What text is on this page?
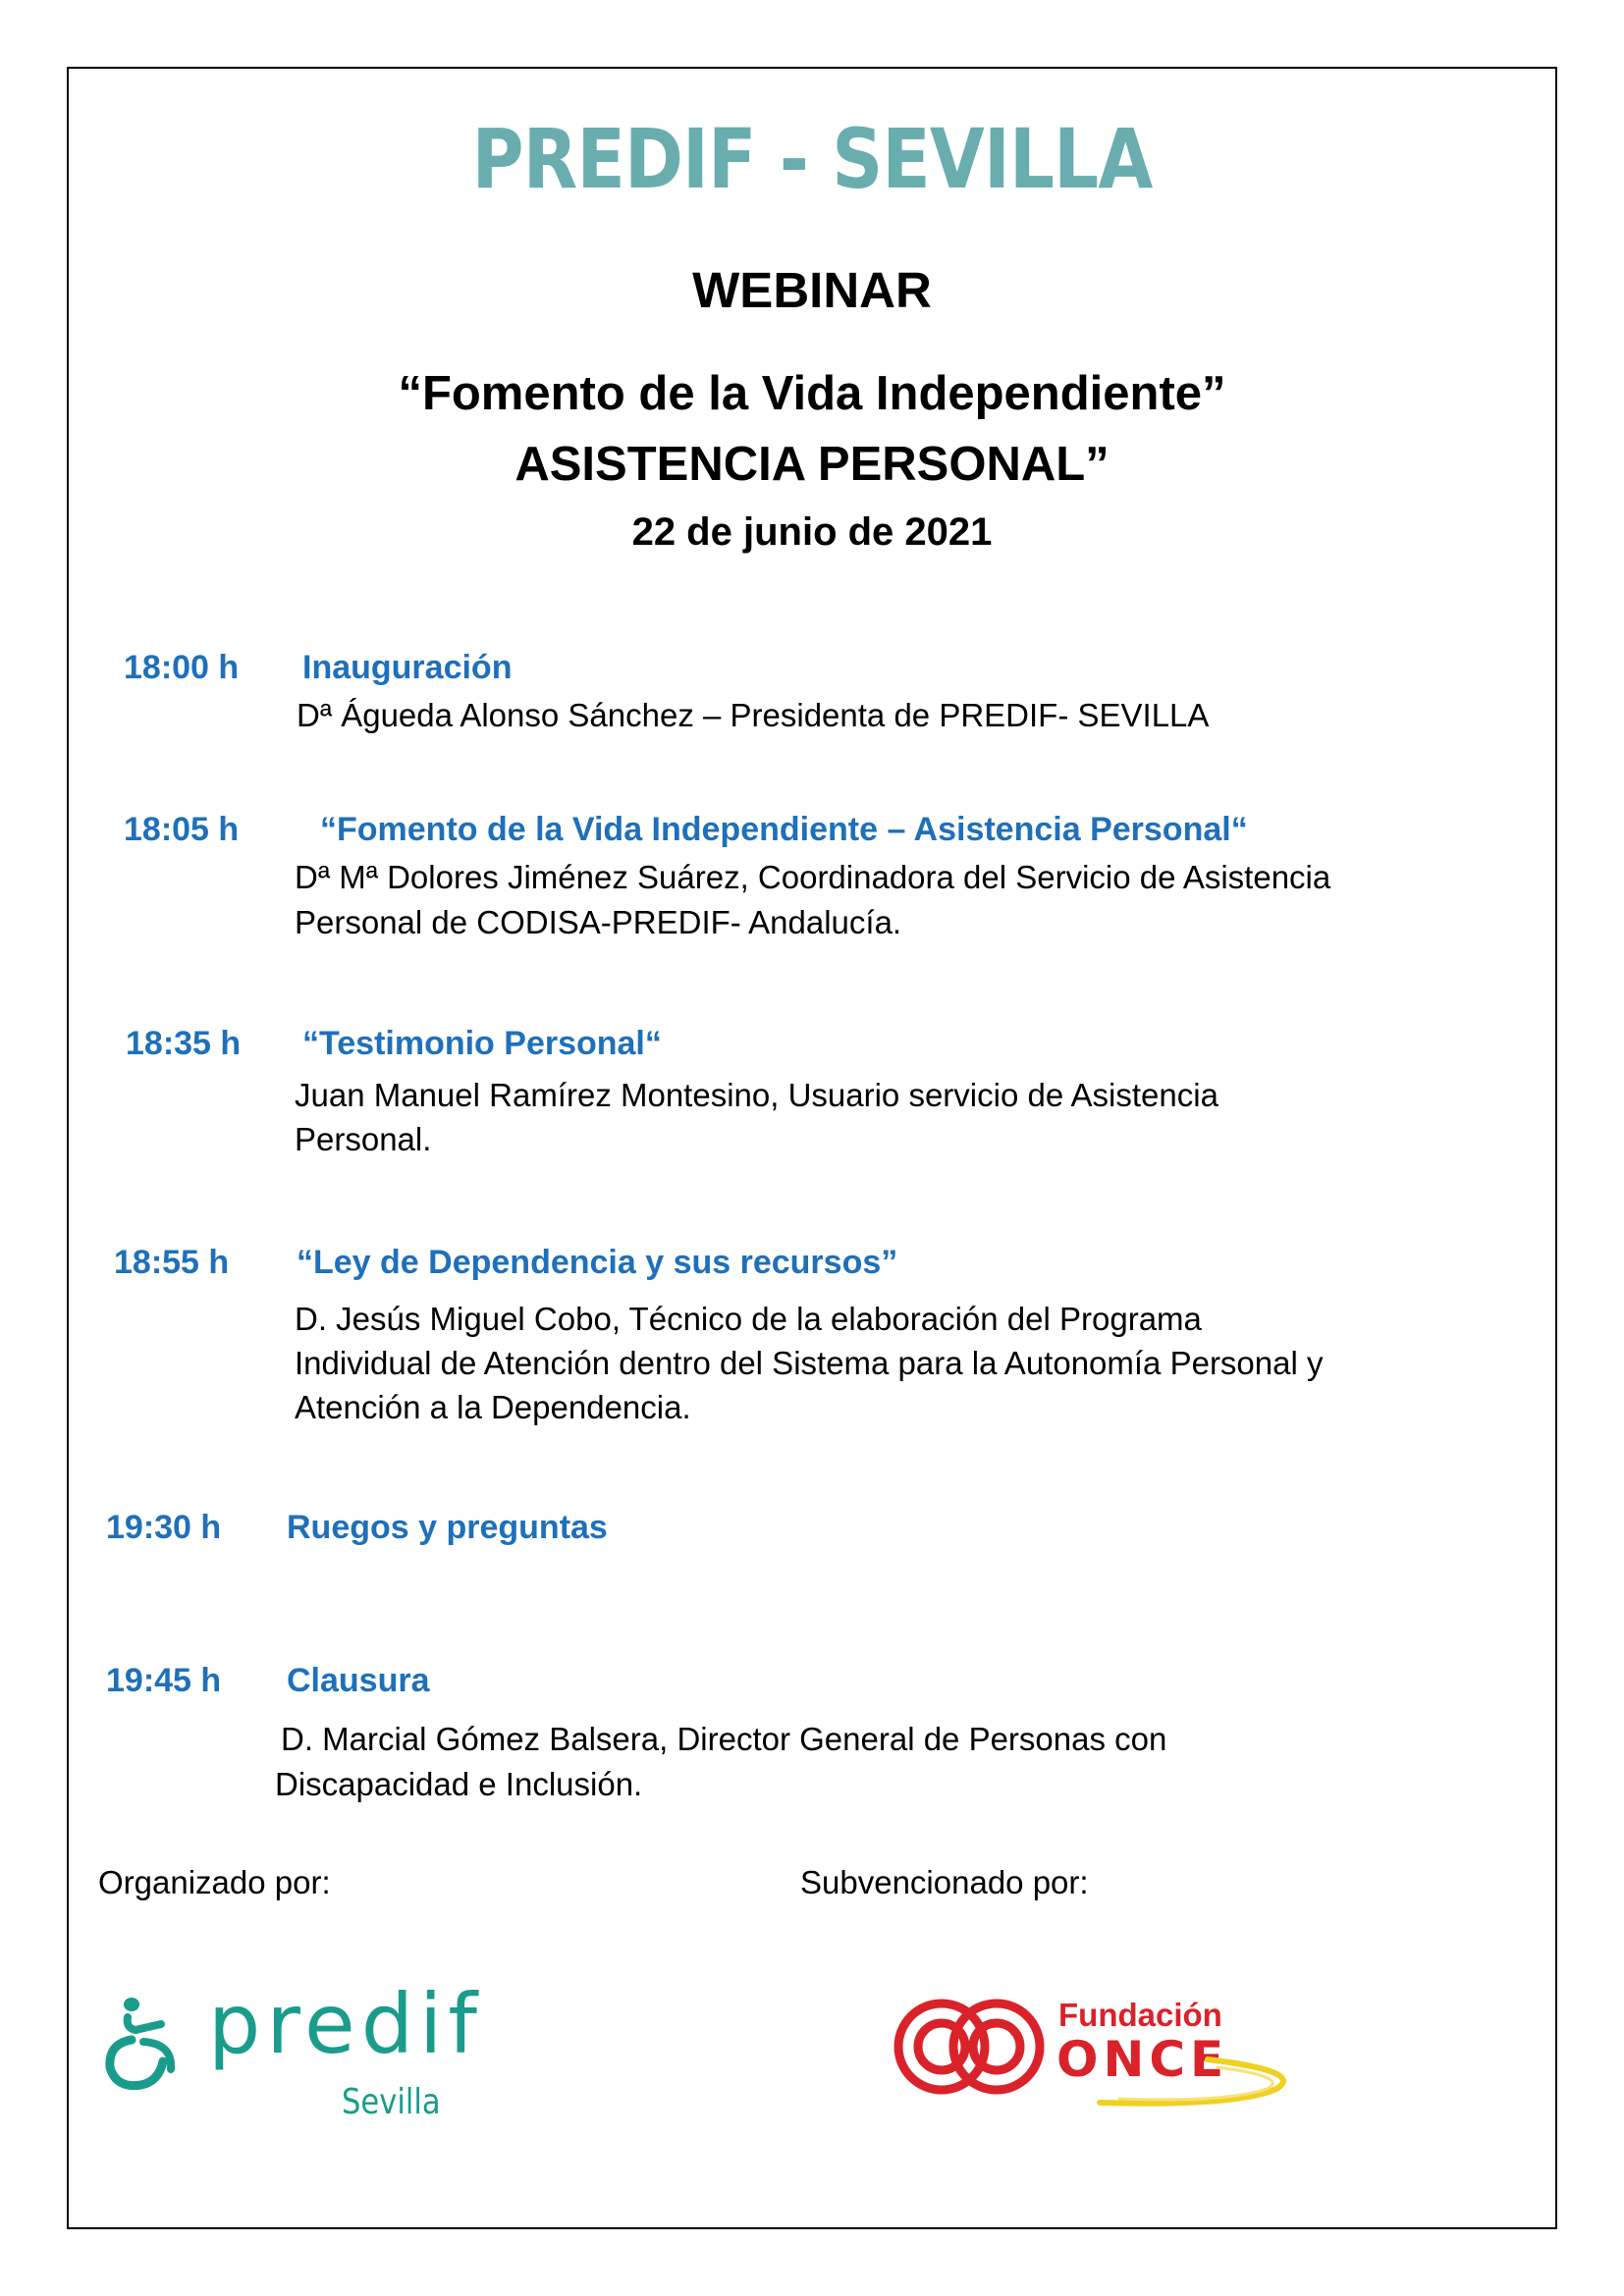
PREDIF - SEVILLA
WEBINAR
“Fomento de la Vida Independiente”
ASISTENCIA PERSONAL”
22 de junio de 2021
18:00 h Inauguración
Dª Águeda Alonso Sánchez – Presidenta de PREDIF- SEVILLA
18:05 h “Fomento de la Vida Independiente – Asistencia Personal“
Dª Mª Dolores Jiménez Suárez, Coordinadora del Servicio de Asistencia
Personal de CODISA-PREDIF- Andalucía.
18:35 h “Testimonio Personal“
Juan Manuel Ramírez Montesino, Usuario servicio de Asistencia
Personal.
18:55 h “Ley de Dependencia y sus recursos”
D. Jesús Miguel Cobo, Técnico de la elaboración del Programa
Individual de Atención dentro del Sistema para la Autonomía Personal y
Atención a la Dependencia.
19:30 h Ruegos y preguntas
19:45 h Clausura
D. Marcial Gómez Balsera, Director General de Personas con
Discapacidad e Inclusión.
Organizado por:	Subvencionado por:
predif
Sevilla
Fundación
ONCE
